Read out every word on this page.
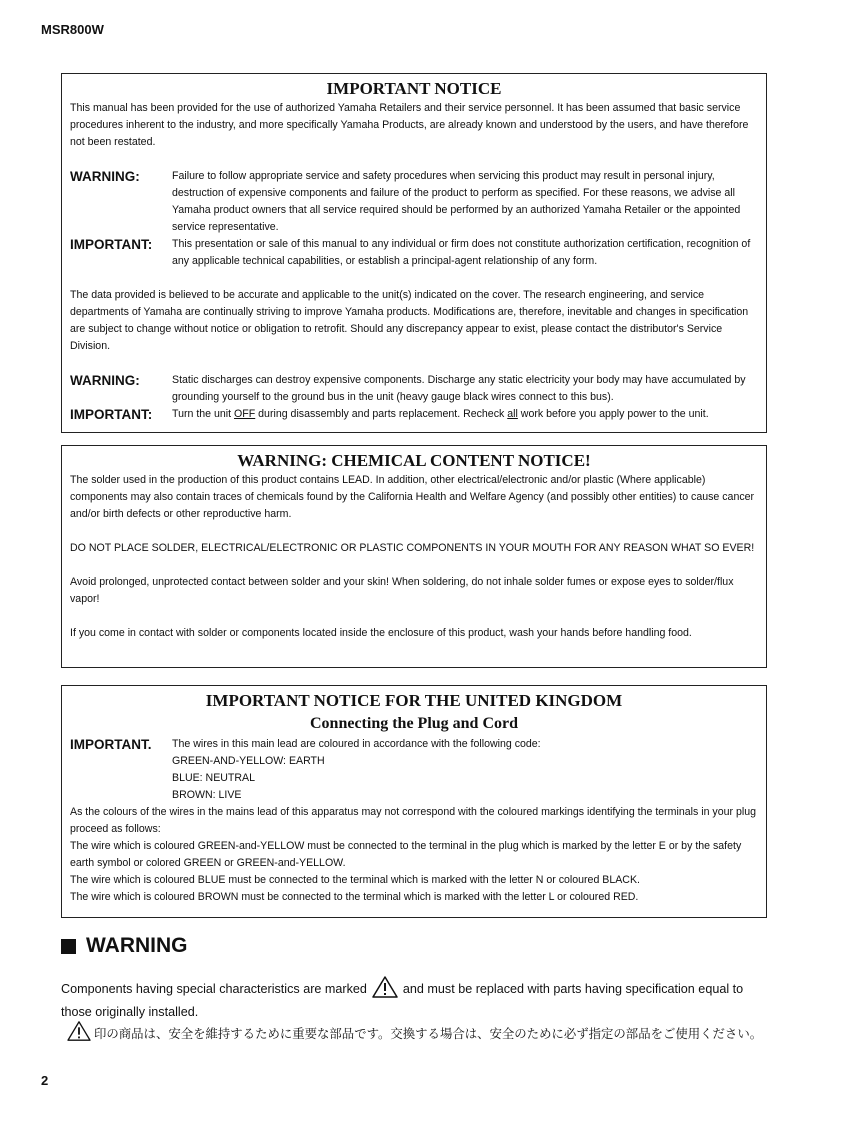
MSR800W
IMPORTANT NOTICE

This manual has been provided for the use of authorized Yamaha Retailers and their service personnel. It has been assumed that basic service procedures inherent to the industry, and more specifically Yamaha Products, are already known and understood by the users, and have therefore not been restated.

WARNING:	Failure to follow appropriate service and safety procedures when servicing this product may result in personal injury, destruction of expensive components and failure of the product to perform as specified. For these reasons, we advise all Yamaha product owners that all service required should be performed by an authorized Yamaha Retailer or the appointed service representative.
IMPORTANT:	This presentation or sale of this manual to any individual or firm does not constitute authorization certification, recognition of any applicable technical capabilities, or establish a principal-agent relationship of any form.

The data provided is believed to be accurate and applicable to the unit(s) indicated on the cover. The research engineering, and service departments of Yamaha are continually striving to improve Yamaha products. Modifications are, therefore, inevitable and changes in specification are subject to change without notice or obligation to retrofit. Should any discrepancy appear to exist, please contact the distributor's Service Division.

WARNING:	Static discharges can destroy expensive components. Discharge any static electricity your body may have accumulated by grounding yourself to the ground bus in the unit (heavy gauge black wires connect to this bus).
IMPORTANT:	Turn the unit OFF during disassembly and parts replacement. Recheck all work before you apply power to the unit.
WARNING: CHEMICAL CONTENT NOTICE!

The solder used in the production of this product contains LEAD. In addition, other electrical/electronic and/or plastic (Where applicable) components may also contain traces of chemicals found by the California Health and Welfare Agency (and possibly other entities) to cause cancer and/or birth defects or other reproductive harm.

DO NOT PLACE SOLDER, ELECTRICAL/ELECTRONIC OR PLASTIC COMPONENTS IN YOUR MOUTH FOR ANY REASON WHAT SO EVER!

Avoid prolonged, unprotected contact between solder and your skin! When soldering, do not inhale solder fumes or expose eyes to solder/flux vapor!

If you come in contact with solder or components located inside the enclosure of this product, wash your hands before handling food.

IMPORTANT NOTICE FOR THE UNITED KINGDOM
Connecting the Plug and Cord
IMPORTANT.	The wires in this main lead are coloured in accordance with the following code:
GREEN-AND-YELLOW: EARTH
BLUE: NEUTRAL
BROWN: LIVE

As the colours of the wires in the mains lead of this apparatus may not correspond with the coloured markings identifying the terminals in your plug proceed as follows:

The wire which is coloured GREEN-and-YELLOW must be connected to the terminal in the plug which is marked by the letter E or by the safety earth symbol or colored GREEN or GREEN-and-YELLOW.

The wire which is coloured BLUE must be connected to the terminal which is marked with the letter N or coloured BLACK.

The wire which is coloured BROWN must be connected to the terminal which is marked with the letter L or coloured RED.

WARNING
Components having special characteristics are marked	and must be replaced with parts having specification equal to those originally installed.
印の商品は、安全を維持するために重要な部品です。交換する場合は、安全のために必ず指定の部品をご使用ください。
2
